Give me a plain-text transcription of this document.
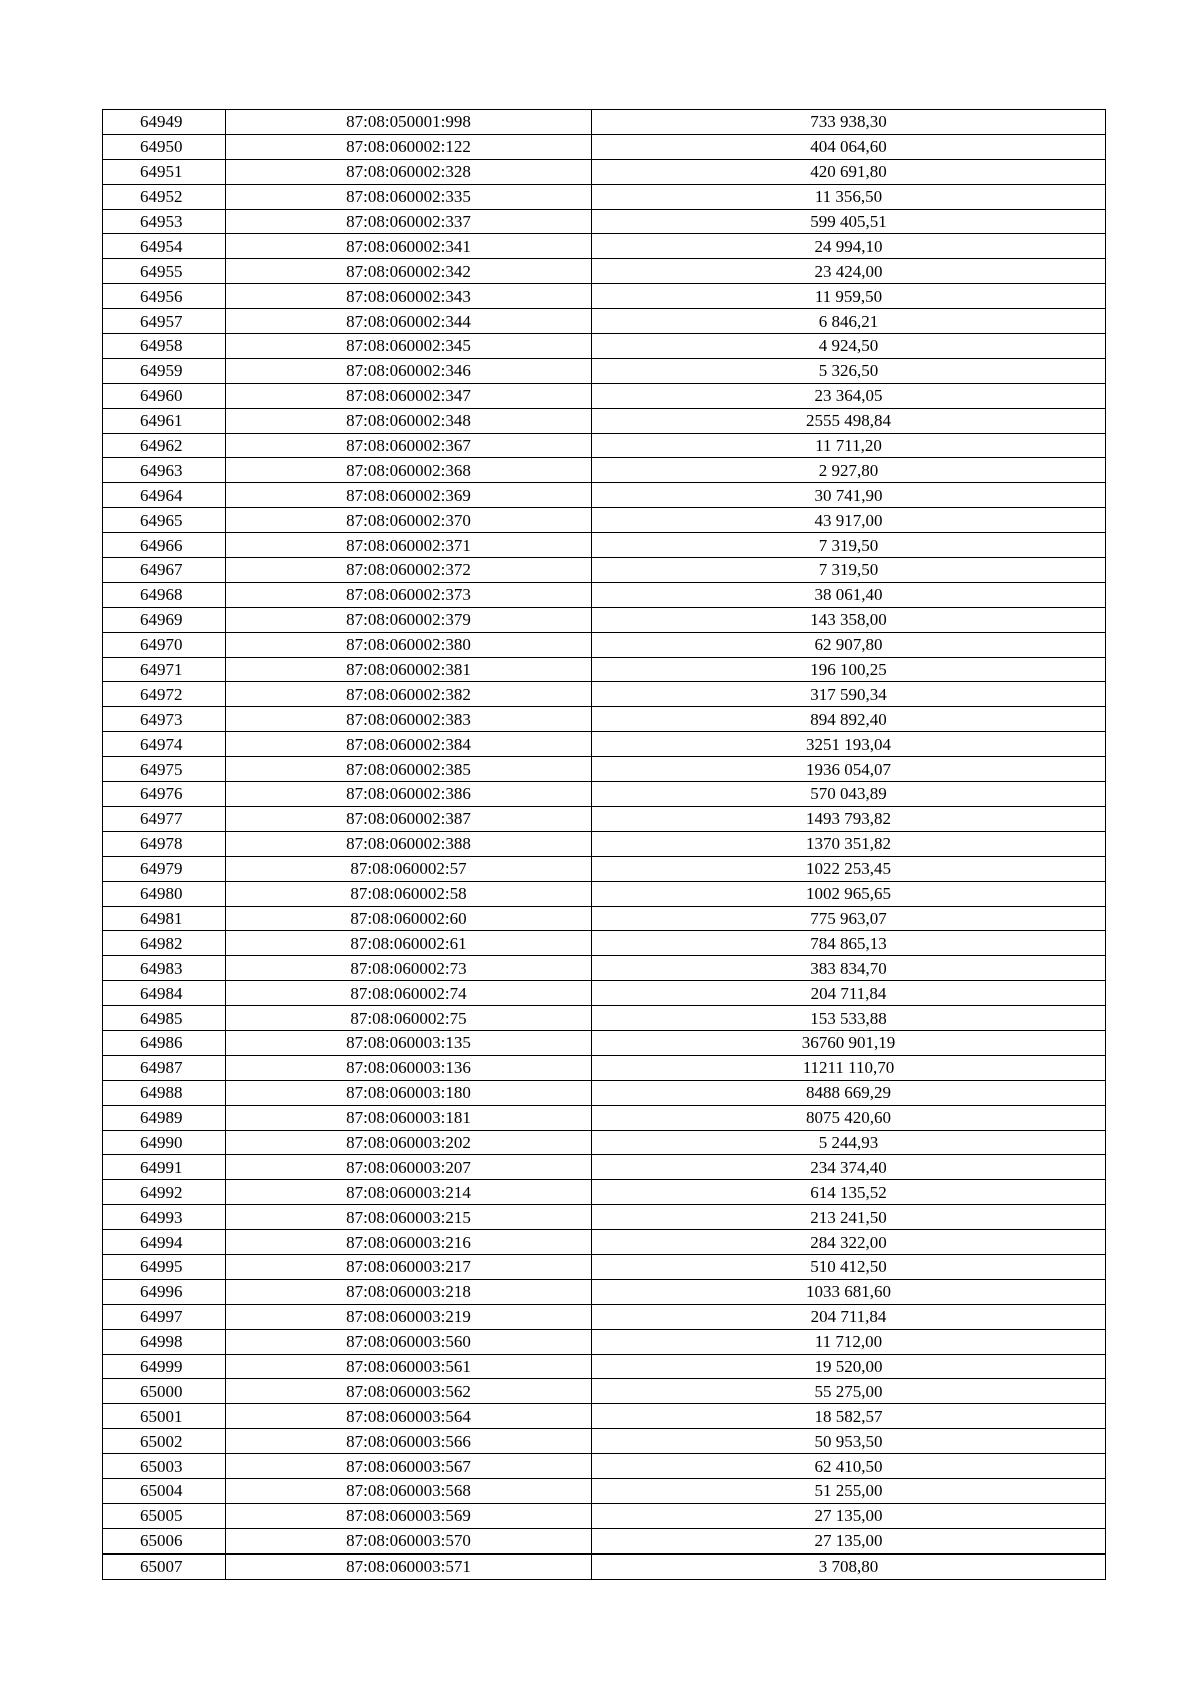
64949	87:08:050001:998	733 938,30
64950	87:08:060002:122	404 064,60
64951	87:08:060002:328	420 691,80
64952	87:08:060002:335	11 356,50
64953	87:08:060002:337	599 405,51
64954	87:08:060002:341	24 994,10
64955	87:08:060002:342	23 424,00
64956	87:08:060002:343	11 959,50
64957	87:08:060002:344	6 846,21
64958	87:08:060002:345	4 924,50
64959	87:08:060002:346	5 326,50
64960	87:08:060002:347	23 364,05
64961	87:08:060002:348	2555 498,84
64962	87:08:060002:367	11 711,20
64963	87:08:060002:368	2 927,80
64964	87:08:060002:369	30 741,90
64965	87:08:060002:370	43 917,00
64966	87:08:060002:371	7 319,50
64967	87:08:060002:372	7 319,50
64968	87:08:060002:373	38 061,40
64969	87:08:060002:379	143 358,00
64970	87:08:060002:380	62 907,80
64971	87:08:060002:381	196 100,25
64972	87:08:060002:382	317 590,34
64973	87:08:060002:383	894 892,40
64974	87:08:060002:384	3251 193,04
64975	87:08:060002:385	1936 054,07
64976	87:08:060002:386	570 043,89
64977	87:08:060002:387	1493 793,82
64978	87:08:060002:388	1370 351,82
64979	87:08:060002:57	1022 253,45
64980	87:08:060002:58	1002 965,65
64981	87:08:060002:60	775 963,07
64982	87:08:060002:61	784 865,13
64983	87:08:060002:73	383 834,70
64984	87:08:060002:74	204 711,84
64985	87:08:060002:75	153 533,88
64986	87:08:060003:135	36760 901,19
64987	87:08:060003:136	11211 110,70
64988	87:08:060003:180	8488 669,29
64989	87:08:060003:181	8075 420,60
64990	87:08:060003:202	5 244,93
64991	87:08:060003:207	234 374,40
64992	87:08:060003:214	614 135,52
64993	87:08:060003:215	213 241,50
64994	87:08:060003:216	284 322,00
64995	87:08:060003:217	510 412,50
64996	87:08:060003:218	1033 681,60
64997	87:08:060003:219	204 711,84
64998	87:08:060003:560	11 712,00
64999	87:08:060003:561	19 520,00
65000	87:08:060003:562	55 275,00
65001	87:08:060003:564	18 582,57
65002	87:08:060003:566	50 953,50
65003	87:08:060003:567	62 410,50
65004	87:08:060003:568	51 255,00
65005	87:08:060003:569	27 135,00
65006	87:08:060003:570	27 135,00
65007	87:08:060003:571	3 708,80
